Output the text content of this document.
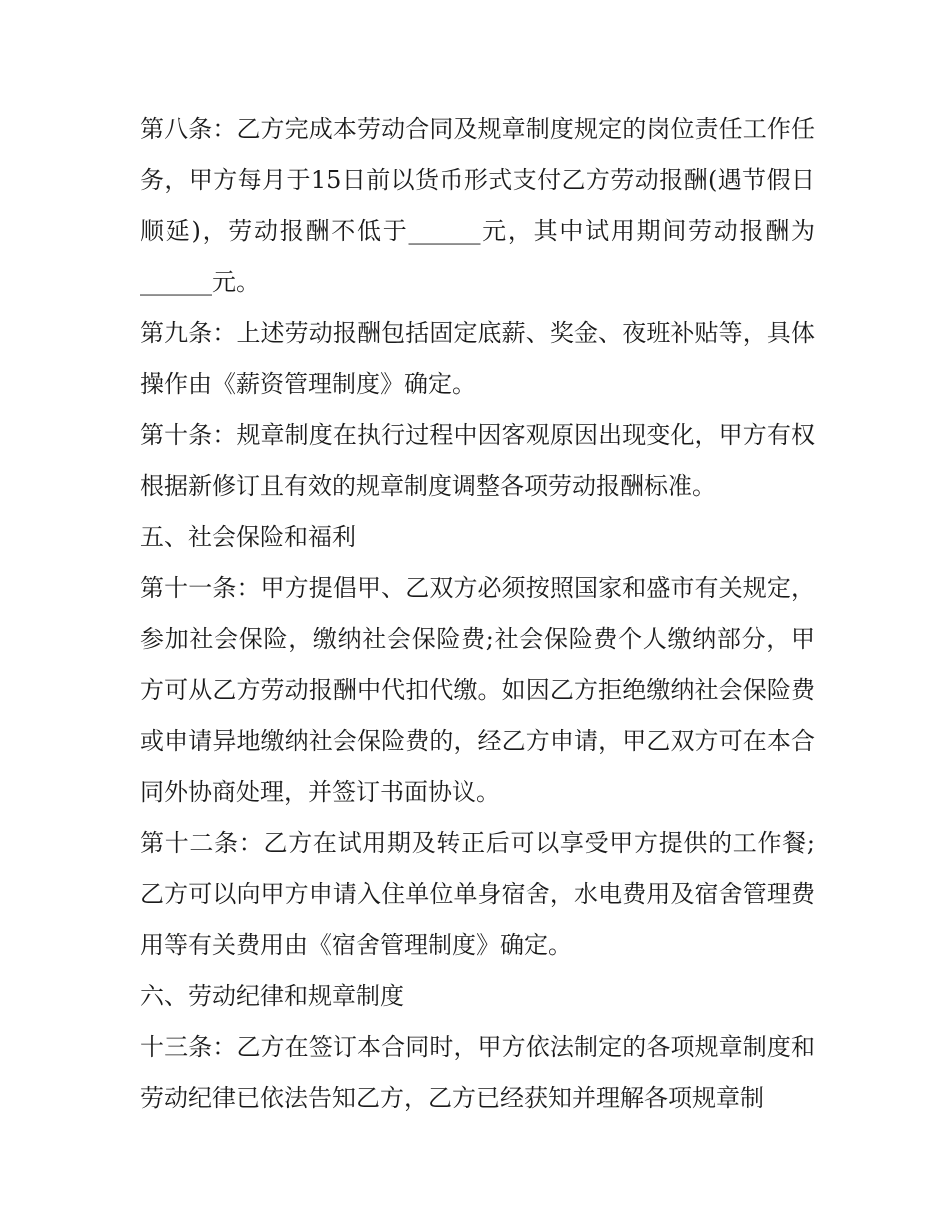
第八条：乙方完成本劳动合同及规章制度规定的岗位责任工作任务，甲方每月于15日前以货币形式支付乙方劳动报酬(遇节假日顺延)，劳动报酬不低于______元，其中试用期间劳动报酬为______元。

第九条：上述劳动报酬包括固定底薪、奖金、夜班补贴等，具体操作由《薪资管理制度》确定。

第十条：规章制度在执行过程中因客观原因出现变化，甲方有权根据新修订且有效的规章制度调整各项劳动报酬标准。

五、社会保险和福利

第十一条：甲方提倡甲、乙双方必须按照国家和盛市有关规定，参加社会保险，缴纳社会保险费;社会保险费个人缴纳部分，甲方可从乙方劳动报酬中代扣代缴。如因乙方拒绝缴纳社会保险费或申请异地缴纳社会保险费的，经乙方申请，甲乙双方可在本合同外协商处理，并签订书面协议。

第十二条：乙方在试用期及转正后可以享受甲方提供的工作餐;乙方可以向甲方申请入住单位单身宿舍，水电费用及宿舍管理费用等有关费用由《宿舍管理制度》确定。

六、劳动纪律和规章制度

十三条：乙方在签订本合同时，甲方依法制定的各项规章制度和劳动纪律已依法告知乙方，乙方已经获知并理解各项规章制
